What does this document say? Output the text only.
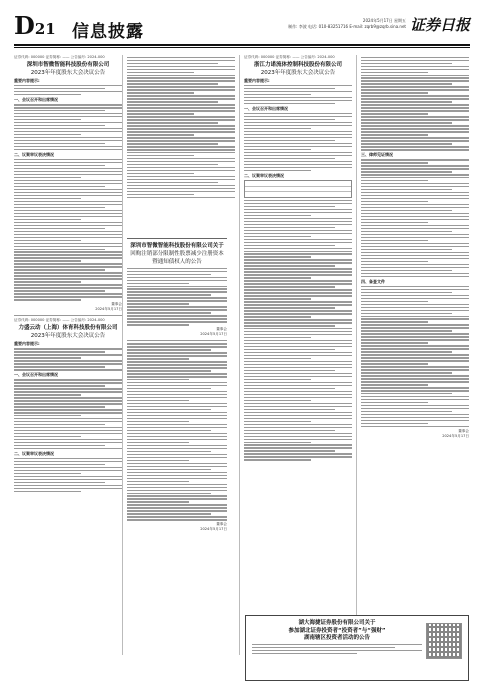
D21 信息披露
2024年5月17日 星期五
制作: 李波 电话: 010-83251716 E-mail: zqrb9@zqrb.sina.net 证券日报
证券代码: 000000 证券简称: —— 公告编号: 2024-000
深圳市智微智能科技股份有限公司
2023年年度股东大会决议公告
重要内容提示:
一、会议召开和出席情况
二、议案审议表决情况
董事会
2024年5月17日
证券代码: 000000 证券简称: —— 公告编号: 2024-000
力盛云动（上海）体育科技股份有限公司
2023年年度股东大会决议公告
重要内容提示:
一、会议召开和出席情况
二、议案审议表决情况
深圳市智微智能科技股份有限公司关于
回购注销部分限制性股票减少注册资本
暨通知债权人的公告
董事会
2024年5月17日
董事会
2024年5月17日
证券代码: 000000 证券简称: —— 公告编号: 2024-000
浙江力诺流体控制科技股份有限公司
2023年年度股东大会决议公告
重要内容提示:
一、会议召开和出席情况
二、议案审议表决情况
三、律师见证情况
四、备查文件
董事会
2024年5月17日
湖大海捷证券股份有限公司关于
参加湖北证券投资者“投资者”与“强财”
湖南辖区投资者活动的公告
